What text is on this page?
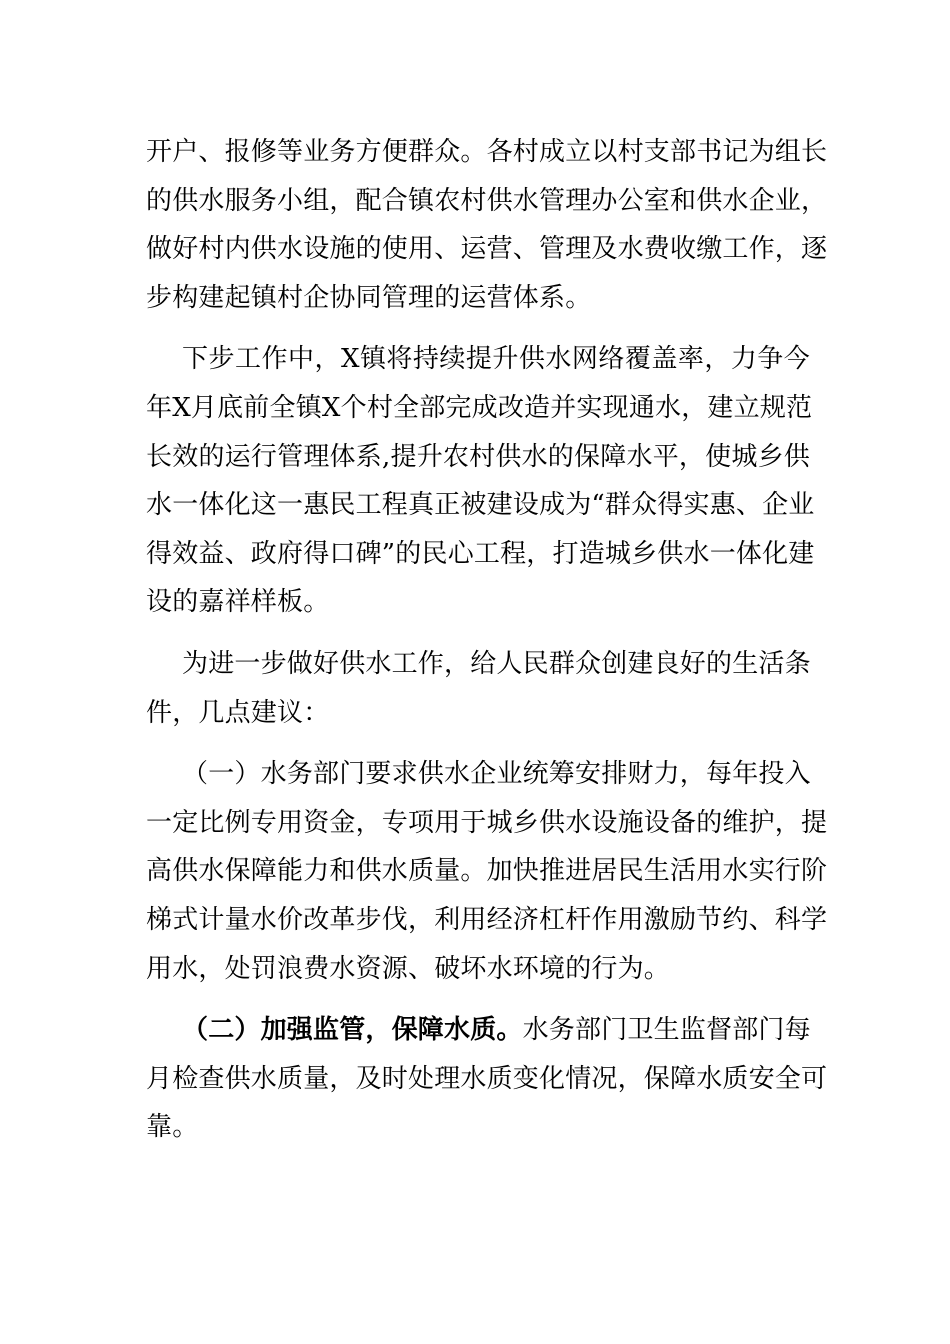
开户、报修等业务方便群众。各村成立以村支部书记为组长
的供水服务小组，配合镇农村供水管理办公室和供水企业，
做好村内供水设施的使用、运营、管理及水费收缴工作，逐
步构建起镇村企协同管理的运营体系。
下步工作中，X镇将持续提升供水网络覆盖率，力争今
年X月底前全镇X个村全部完成改造并实现通水，建立规范
长效的运行管理体系,提升农村供水的保障水平，使城乡供
水一体化这一惠民工程真正被建设成为“群众得实惠、企业
得效益、政府得口碑”的民心工程，打造城乡供水一体化建
设的嘉祥样板。
为进一步做好供水工作，给人民群众创建良好的生活条
件，几点建议：
（一）水务部门要求供水企业统筹安排财力，每年投入
一定比例专用资金，专项用于城乡供水设施设备的维护，提
高供水保障能力和供水质量。加快推进居民生活用水实行阶
梯式计量水价改革步伐，利用经济杠杆作用激励节约、科学
用水，处罚浪费水资源、破坏水环境的行为。
（二）加强监管，保障水质。水务部门卫生监督部门每
月检查供水质量，及时处理水质变化情况，保障水质安全可
靠。
